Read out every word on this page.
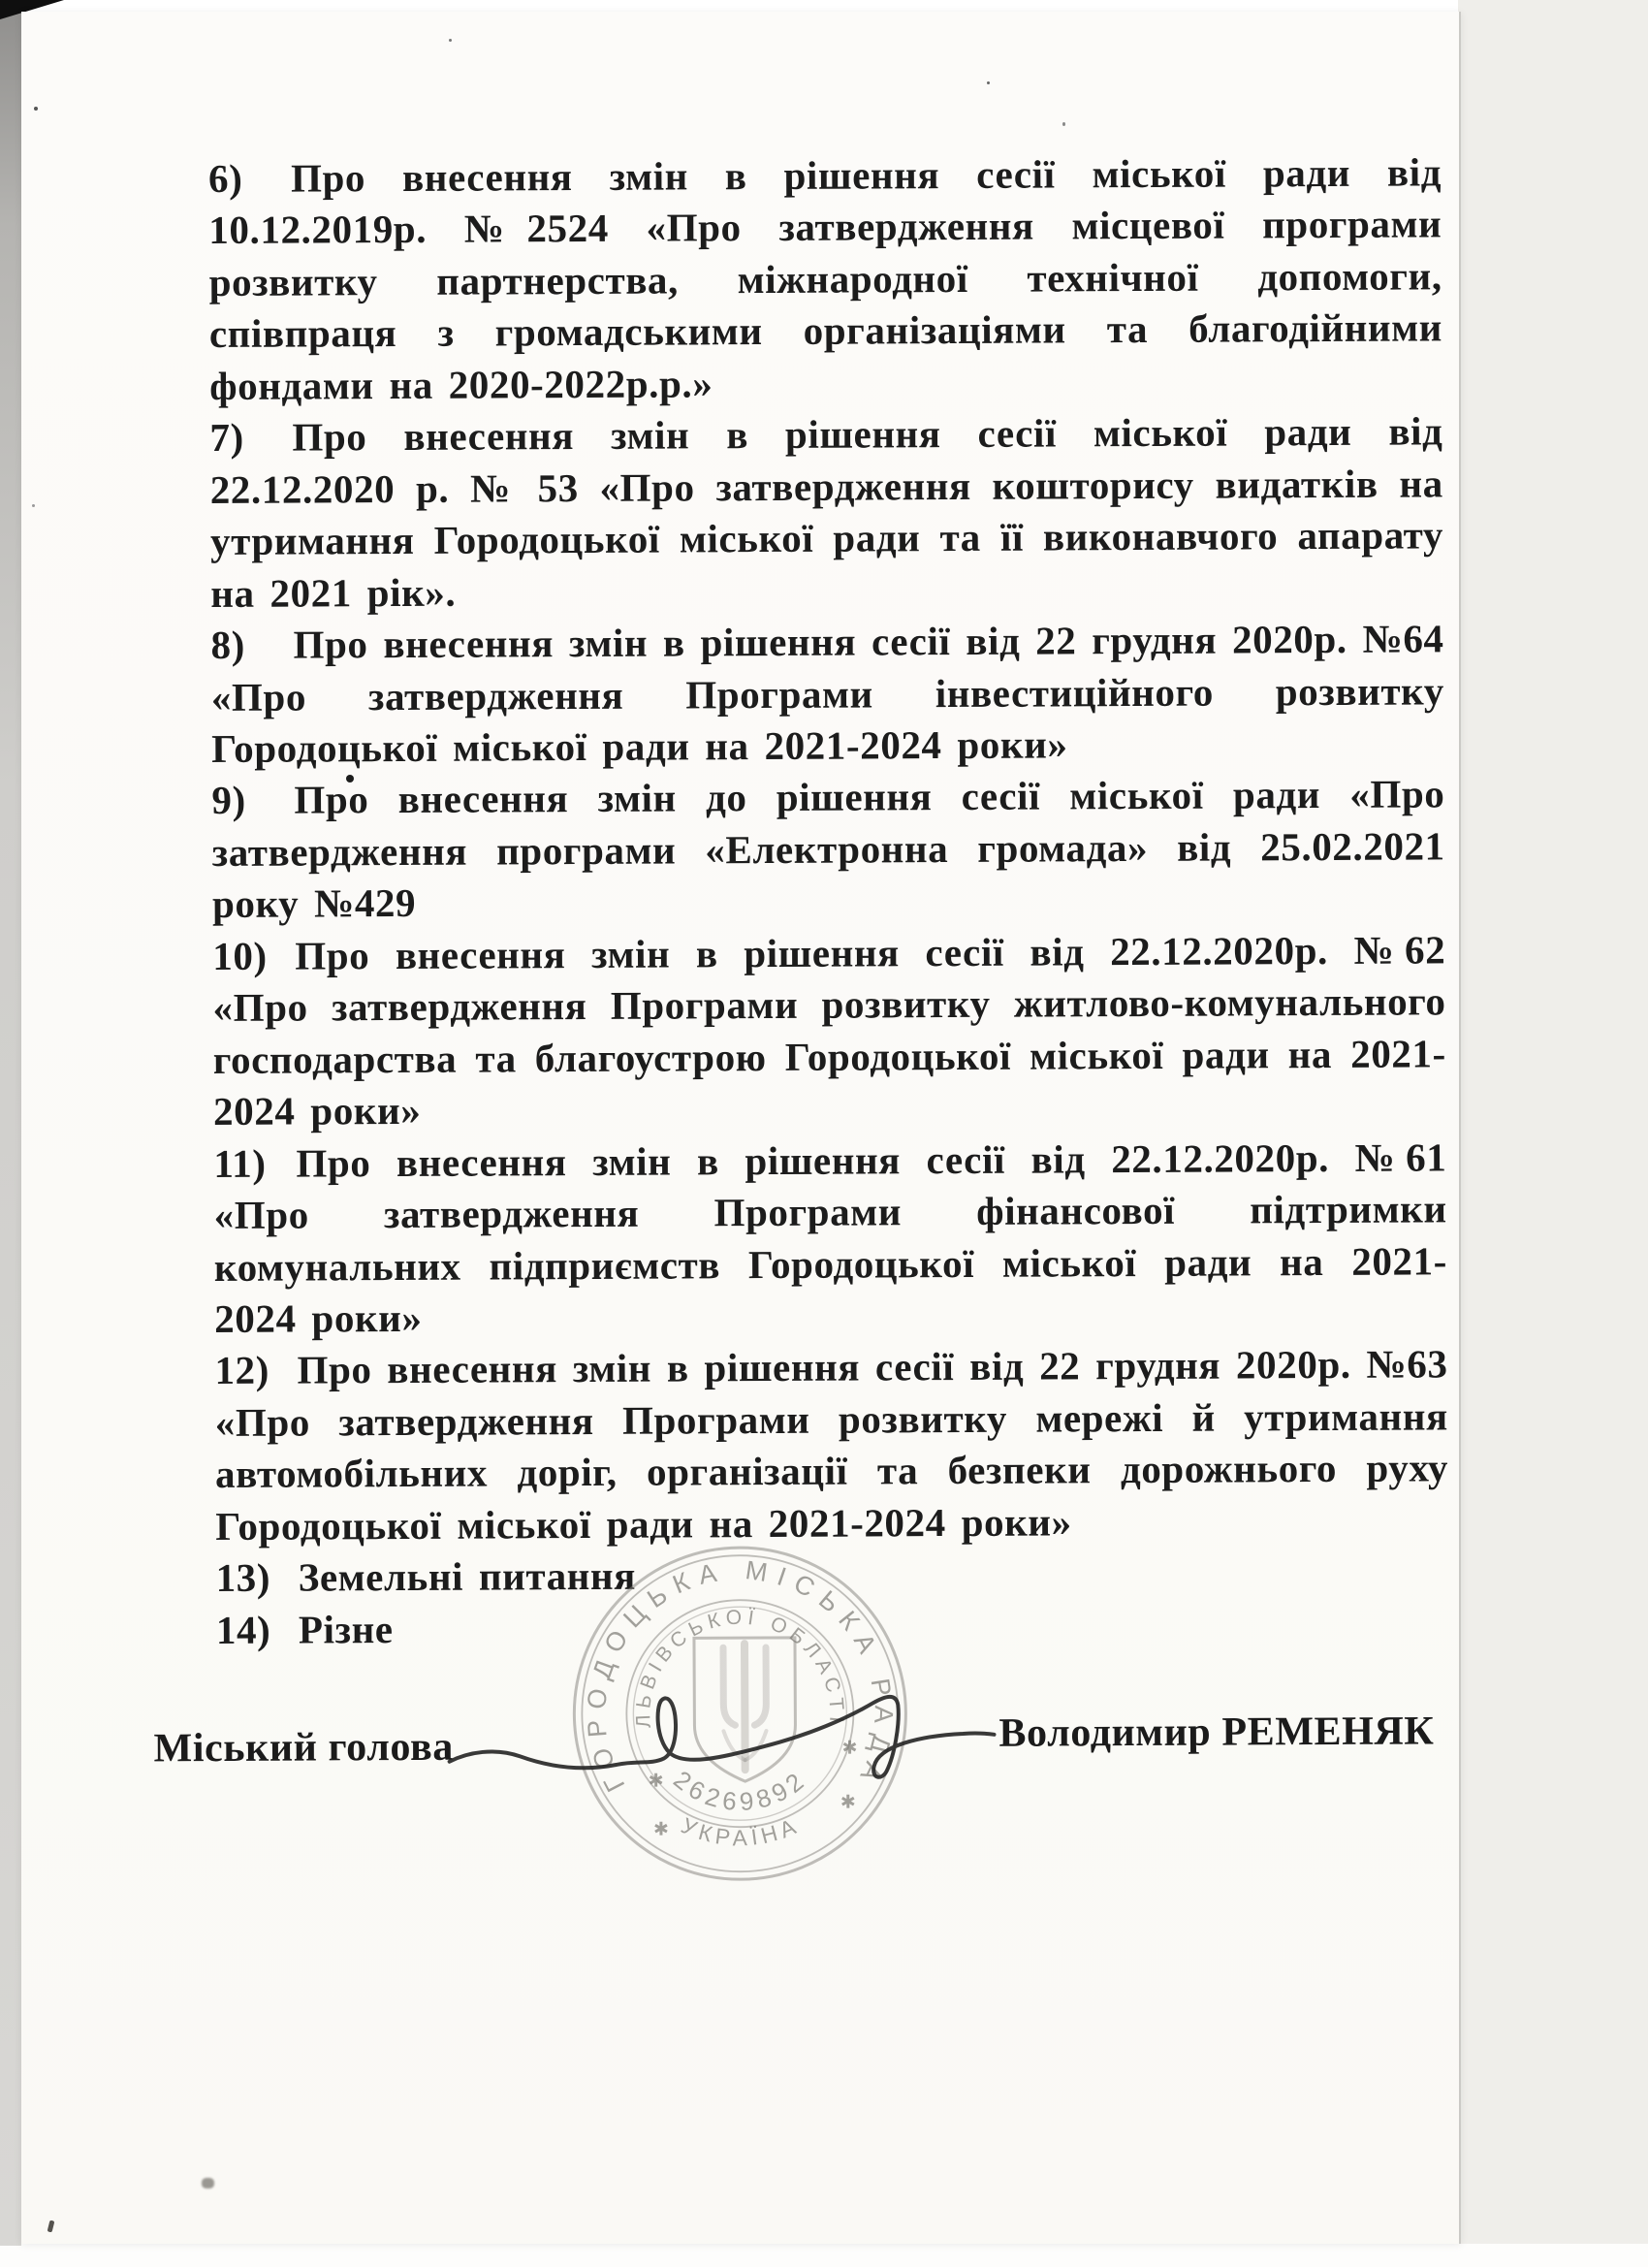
6) Про внесення змін в рішення сесії міської ради від 10.12.2019р. №2524 «Про затвердження місцевої програми розвитку партнерства, міжнародної технічної допомоги, співпраця з громадськими організаціями та благодійними фондами на 2020-2022р.р.»

7) Про внесення змін в рішення сесії міської ради від 22.12.2020 р. № 53 «Про затвердження кошторису видатків на утримання Городоцької міської ради та її виконавчого апарату на 2021 рік».

8) Про внесення змін в рішення сесії від 22 грудня 2020р. №64 «Про затвердження Програми інвестиційного розвитку Городоцької міської ради на 2021-2024 роки»

9) Про внесення змін до рішення сесії міської ради «Про затвердження програми «Електронна громада» від 25.02.2021 року №429

10) Про внесення змін в рішення сесії від 22.12.2020р. №62 «Про затвердження Програми розвитку житлово-комунального господарства та благоустрою Городоцької міської ради на 2021-2024 роки»

11) Про внесення змін в рішення сесії від 22.12.2020р. №61 «Про затвердження Програми фінансової підтримки комунальних підприємств Городоцької міської ради на 2021-2024 роки»

12) Про внесення змін в рішення сесії від 22 грудня 2020р. №63 «Про затвердження Програми розвитку мережі й утримання автомобільних доріг, організації та безпеки дорожнього руху Городоцької міської ради на 2021-2024 роки»

13) Земельні питання

14) Різне

Міський голова	Володимир РЕМЕНЯК
ГОРОДОЦЬКА МІСЬКА РАДА
ЛЬВІВСЬКОЇ ОБЛАСТІ
26269892
УКРАЇНА
✱
✱
✱
✱
